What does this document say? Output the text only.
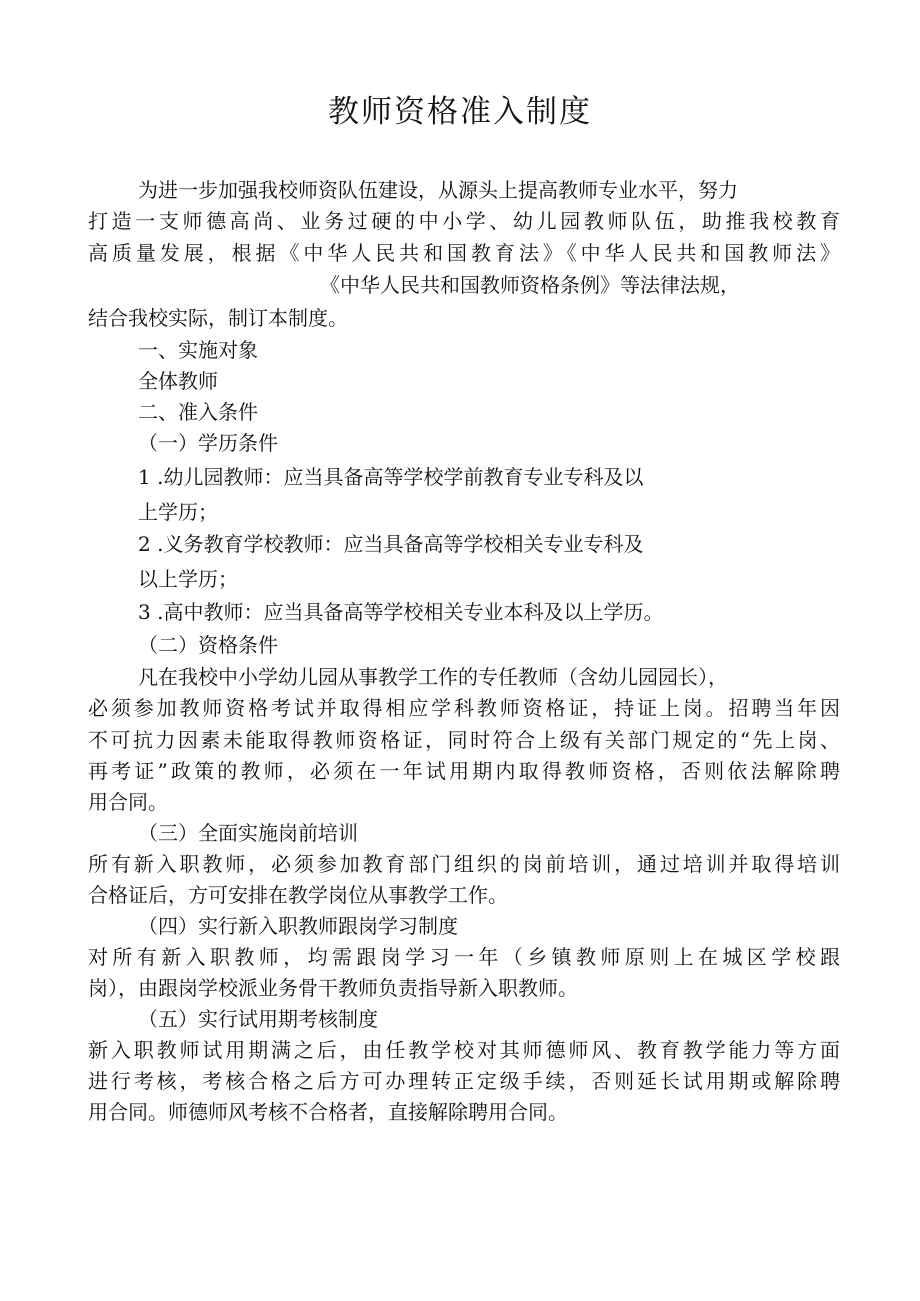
教师资格准入制度
为进一步加强我校师资队伍建设，从源头上提高教师专业水平，努力
打造一支师德高尚、业务过硬的中小学、幼儿园教师队伍，助推我校教育
高质量发展，根据《中华人民共和国教育法》《中华人民共和国教师法》
《中华人民共和国教师资格条例》等法律法规，
结合我校实际，制订本制度。
一、实施对象
全体教师
二、准入条件
（一）学历条件
1 .幼儿园教师：应当具备高等学校学前教育专业专科及以
上学历；
2 .义务教育学校教师：应当具备高等学校相关专业专科及
以上学历；
3 .高中教师：应当具备高等学校相关专业本科及以上学历。
（二）资格条件
凡在我校中小学幼儿园从事教学工作的专任教师（含幼儿园园长），
必须参加教师资格考试并取得相应学科教师资格证，持证上岗。招聘当年因
不可抗力因素未能取得教师资格证，同时符合上级有关部门规定的“先上岗、
再考证”政策的教师，必须在一年试用期内取得教师资格，否则依法解除聘
用合同。
（三）全面实施岗前培训
所有新入职教师，必须参加教育部门组织的岗前培训，通过培训并取得培训
合格证后，方可安排在教学岗位从事教学工作。
（四）实行新入职教师跟岗学习制度
对所有新入职教师，均需跟岗学习一年（乡镇教师原则上在城区学校跟
岗），由跟岗学校派业务骨干教师负责指导新入职教师。
（五）实行试用期考核制度
新入职教师试用期满之后，由任教学校对其师德师风、教育教学能力等方面
进行考核，考核合格之后方可办理转正定级手续，否则延长试用期或解除聘
用合同。师德师风考核不合格者，直接解除聘用合同。
